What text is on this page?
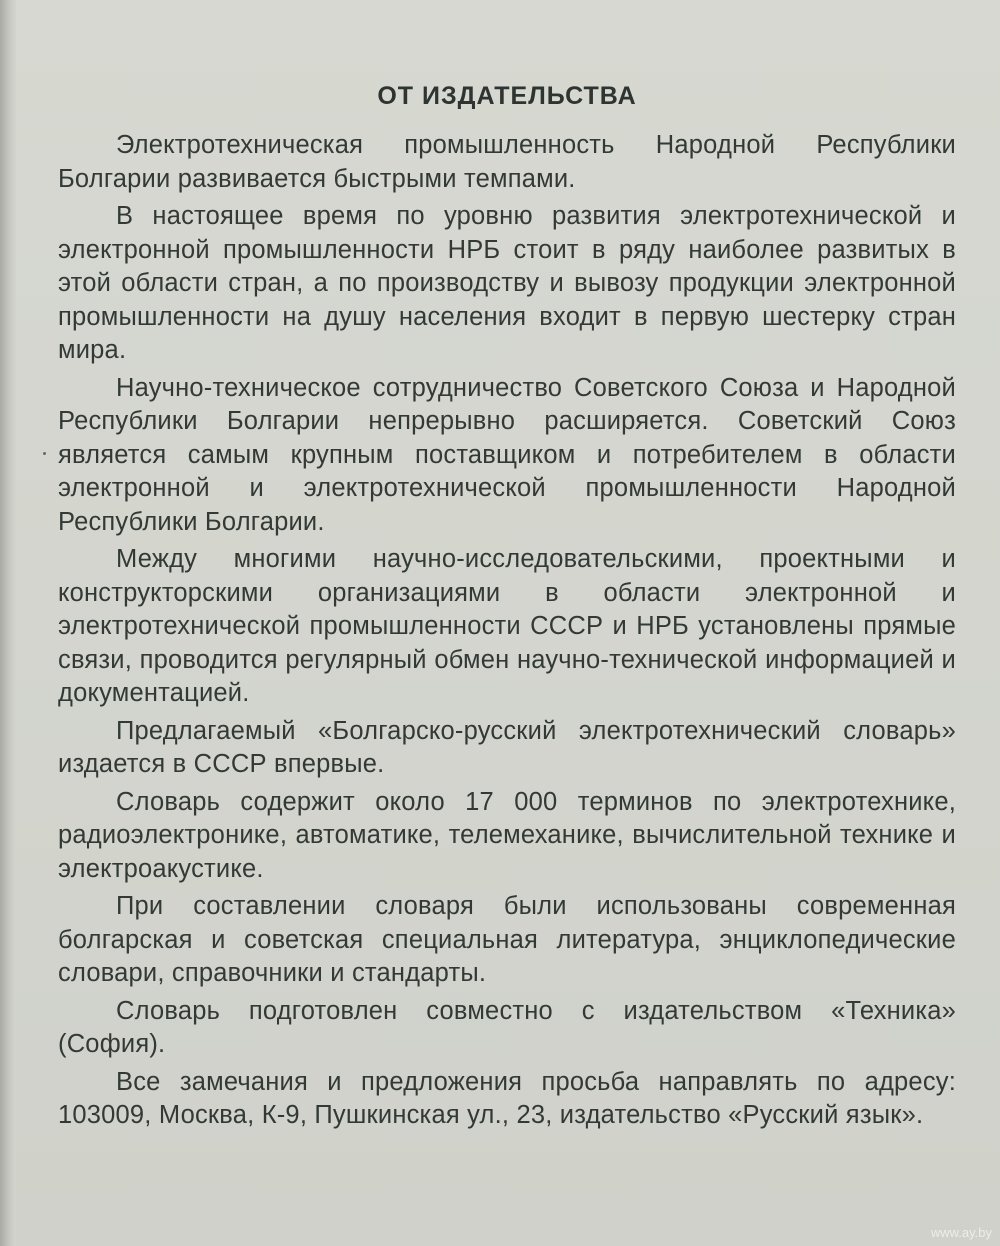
ОТ ИЗДАТЕЛЬСТВА

Электротехническая промышленность Народной Республики Болгарии развивается быстрыми темпами.

В настоящее время по уровню развития электротехнической и электронной промышленности НРБ стоит в ряду наиболее развитых в этой области стран, а по производству и вывозу продукции электронной промышленности на душу населения входит в первую шестерку стран мира.

Научно-техническое сотрудничество Советского Союза и Народной Республики Болгарии непрерывно расширяется. Советский Союз является самым крупным поставщиком и потребителем в области электронной и электротехнической промышленности Народной Республики Болгарии.

Между многими научно-исследовательскими, проектными и конструкторскими организациями в области электронной и электротехнической промышленности СССР и НРБ установлены прямые связи, проводится регулярный обмен научно-технической информацией и документацией.

Предлагаемый «Болгарско-русский электротехнический словарь» издается в СССР впервые.

Словарь содержит около 17 000 терминов по электротехнике, радиоэлектронике, автоматике, телемеханике, вычислительной технике и электроакустике.

При составлении словаря были использованы современная болгарская и советская специальная литература, энциклопедические словари, справочники и стандарты.

Словарь подготовлен совместно с издательством «Техника» (София).

Все замечания и предложения просьба направлять по адресу: 103009, Москва, К-9, Пушкинская ул., 23, издательство «Русский язык».

www.ay.by
